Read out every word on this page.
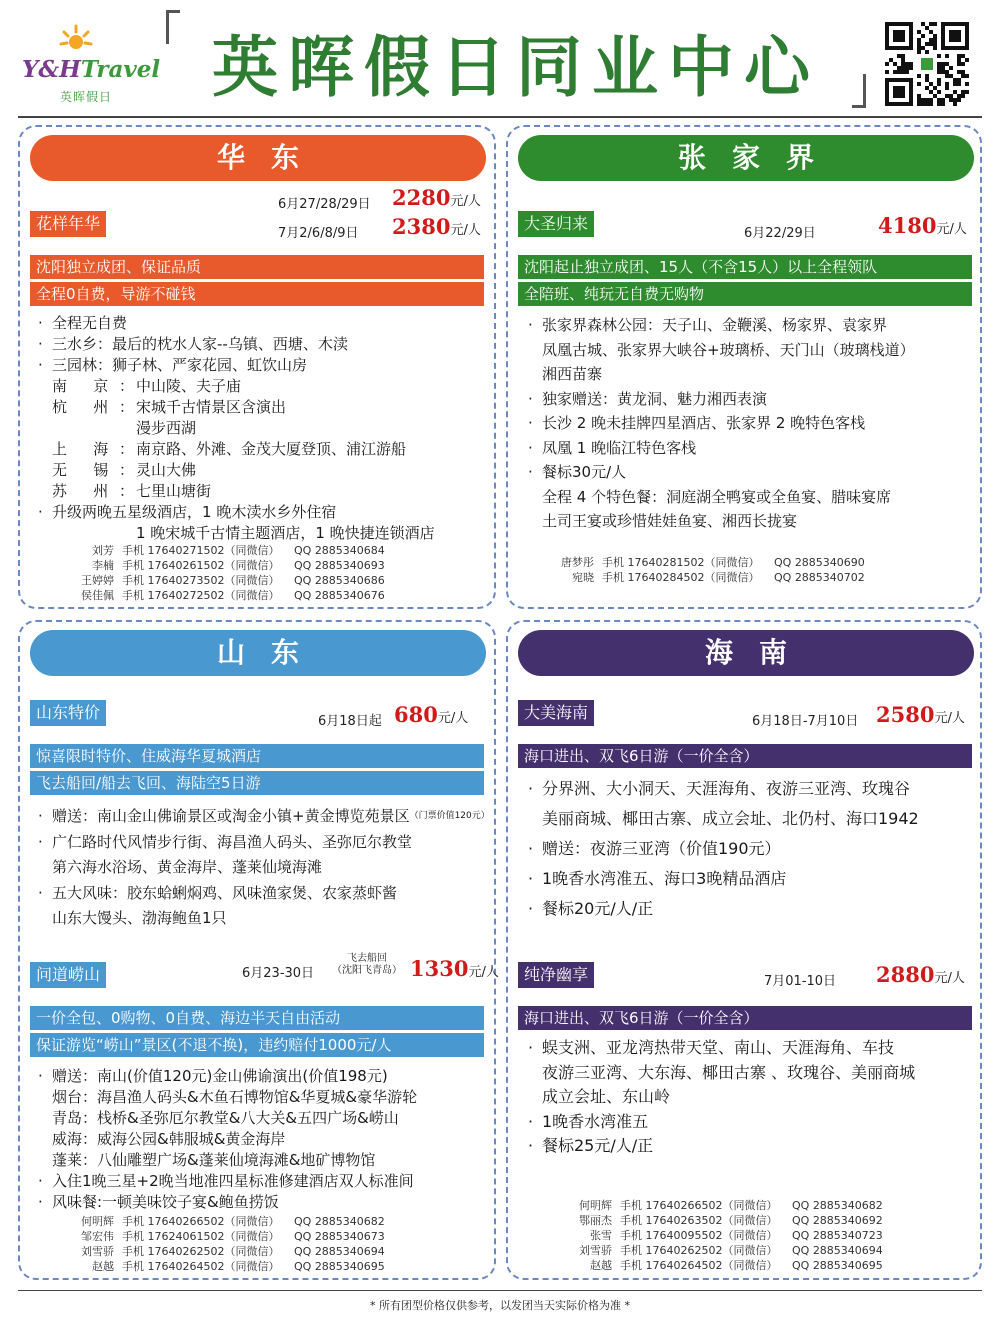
Y&HTravel
英晖假日	英晖假日同业中心
华东
6月27/28/29日 2280元/人
花样年华
7月2/6/8/9日 2380元/人
沈阳独立成团、保证品质
全程0自费，导游不碰钱
· 全程无自费
· 三水乡：最后的枕水人家--乌镇、西塘、木渎
· 三园林：狮子林、严家花园、虹饮山房
南 京： 中山陵、夫子庙
杭 州： 宋城千古情景区含演出
漫步西湖
上 海： 南京路、外滩、金茂大厦登顶、浦江游船
无 锡： 灵山大佛
苏 州： 七里山塘街
· 升级两晚五星级酒店，1 晚木渎水乡外住宿
1 晚宋城千古情主题酒店，1 晚快捷连锁酒店
刘芳 手机 17640271502（同微信）	QQ 2885340684
李楠 手机 17640261502（同微信）	QQ 2885340693
王婷婷 手机 17640273502（同微信）	QQ 2885340686
侯佳佩 手机 17640272502（同微信）	QQ 2885340676
张家界
大圣归来
6月22/29日	4180元/人
沈阳起止独立成团、15人（不含15人）以上全程领队
全陪班、纯玩无自费无购物
· 张家界森林公园：天子山、金鞭溪、杨家界、袁家界
凤凰古城、张家界大峡谷+玻璃桥、天门山（玻璃栈道）
湘西苗寨
· 独家赠送：黄龙洞、魅力湘西表演
· 长沙 2 晚未挂牌四星酒店、张家界 2 晚特色客栈
· 凤凰 1 晚临江特色客栈
· 餐标30元/人
全程 4 个特色餐：洞庭湖全鸭宴或全鱼宴、腊味宴席
土司王宴或珍惜娃娃鱼宴、湘西长拢宴
唐梦彤 手机 17640281502（同微信）	QQ 2885340690
宛晓 手机 17640284502（同微信）	QQ 2885340702
山东
山东特价	6月18日起 680元/人
惊喜限时特价、住威海华夏城酒店
飞去船回/船去飞回、海陆空5日游
· 赠送：南山金山佛谕景区或淘金小镇+黄金博览苑景区 （门票价值120元）
· 广仁路时代风情步行街、海昌渔人码头、圣弥厄尔教堂
第六海水浴场、黄金海岸、蓬莱仙境海滩
· 五大风味：胶东蛤蜊焖鸡、风味渔家煲、农家蒸虾酱
山东大馒头、渤海鲍鱼1只
问道崂山	6月23-30日
飞去船回
（沈阳飞青岛） 1330元/人
一价全包、0购物、0自费、海边半天自由活动
保证游览“崂山”景区(不退不换)，违约赔付1000元/人
· 赠送：南山(价值120元)金山佛谕演出(价值198元)
烟台：海昌渔人码头&木鱼石博物馆&华夏城&豪华游轮
青岛：栈桥&圣弥厄尔教堂&八大关&五四广场&崂山
威海：威海公园&韩服城&黄金海岸
蓬莱：八仙雕塑广场&蓬莱仙境海滩&地矿博物馆
· 入住1晚三星+2晚当地准四星标准修建酒店双人标准间
· 风味餐:一顿美味饺子宴&鲍鱼捞饭
何明辉 手机 17640266502（同微信）	QQ 2885340682
邹宏伟 手机 17624061502（同微信）	QQ 2885340673
刘雪骄 手机 17640262502（同微信）	QQ 2885340694
赵越 手机 17640264502（同微信）	QQ 2885340695
海南
大美海南	6月18日-7月10日 2580元/人
海口进出、双飞6日游（一价全含）
· 分界洲、大小洞天、天涯海角、夜游三亚湾、玫瑰谷
美丽商城、椰田古寨、成立会址、北仍村、海口1942
· 赠送：夜游三亚湾（价值190元）
· 1晚香水湾准五、海口3晚精品酒店
· 餐标20元/人/正
纯净幽享	7月01-10日 2880元/人
海口进出、双飞6日游（一价全含）
· 蜈支洲、亚龙湾热带天堂、南山、天涯海角、车技
夜游三亚湾、大东海、椰田古寨 、玫瑰谷、美丽商城
成立会址、东山岭
· 1晚香水湾准五
· 餐标25元/人/正
何明辉 手机 17640266502（同微信）	QQ 2885340682
鄂丽杰 手机 17640263502（同微信）	QQ 2885340692
张雪 手机 17640095502（同微信）	QQ 2885340723
刘雪骄 手机 17640262502（同微信）	QQ 2885340694
赵越 手机 17640264502（同微信）	QQ 2885340695
* 所有团型价格仅供参考，以发团当天实际价格为准 *
